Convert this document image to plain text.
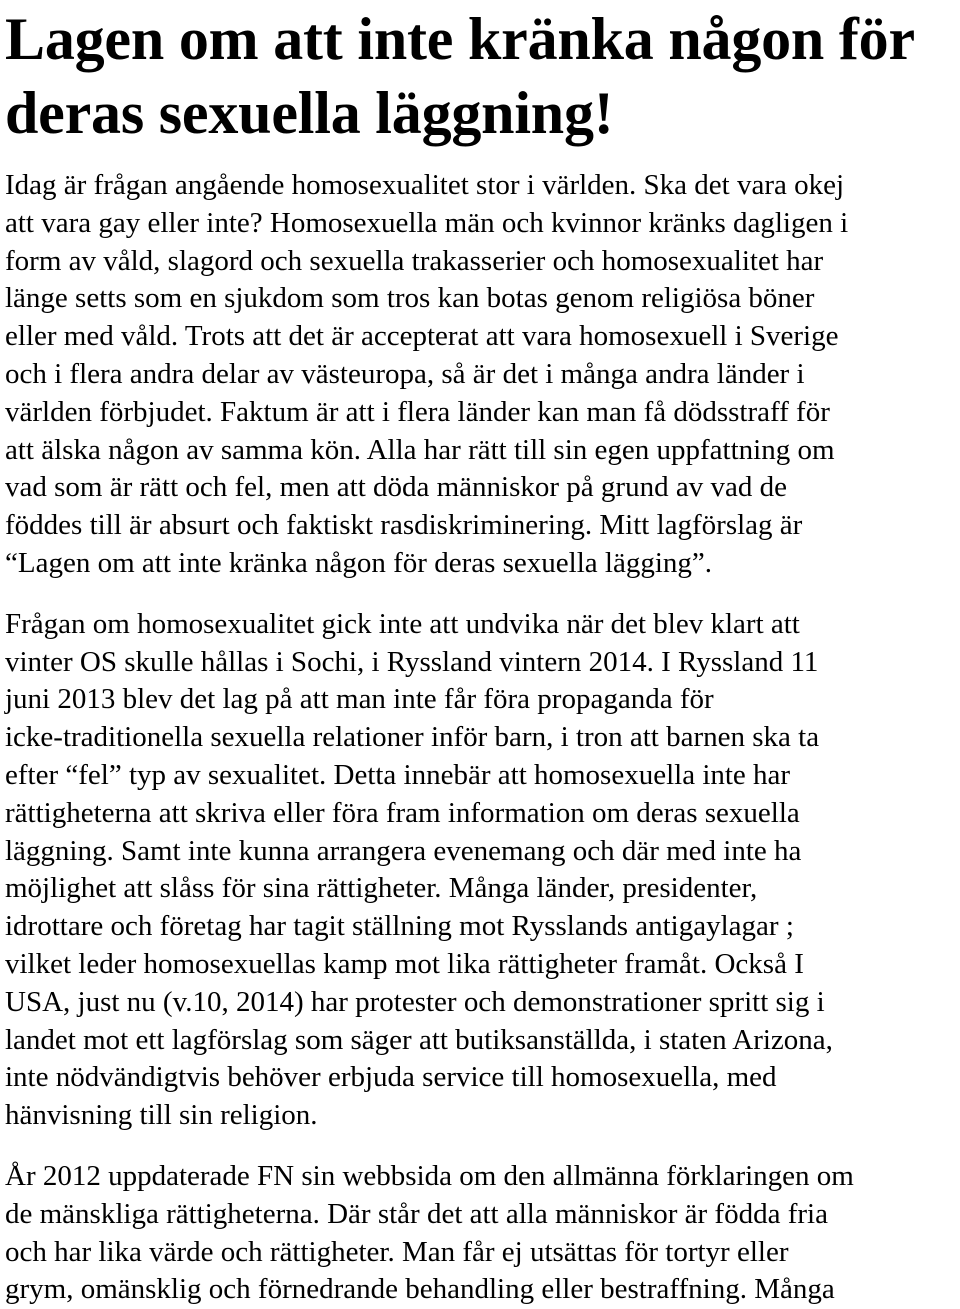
Lagen om att inte kränka någon för deras sexuella läggning!

Idag är frågan angående homosexualitet stor i världen. Ska det vara okej
att vara gay eller inte? Homosexuella män och kvinnor kränks dagligen i
form av våld, slagord och sexuella trakasserier och homosexualitet har
länge setts som en sjukdom som tros kan botas genom religiösa böner
eller med våld. Trots att det är accepterat att vara homosexuell i Sverige
och i flera andra delar av västeuropa, så är det i många andra länder i
världen förbjudet. Faktum är att i flera länder kan man få dödsstraff för
att älska någon av samma kön. Alla har rätt till sin egen uppfattning om
vad som är rätt och fel, men att döda människor på grund av vad de
föddes till är absurt och faktiskt rasdiskriminering. Mitt lagförslag är
“Lagen om att inte kränka någon för deras sexuella lägging”.

Frågan om homosexualitet gick inte att undvika när det blev klart att
vinter OS skulle hållas i Sochi, i Ryssland vintern 2014. I Ryssland 11
juni 2013 blev det lag på att man inte får föra propaganda för
icke-traditionella sexuella relationer inför barn, i tron att barnen ska ta
efter “fel” typ av sexualitet. Detta innebär att homosexuella inte har
rättigheterna att skriva eller föra fram information om deras sexuella
läggning. Samt inte kunna arrangera evenemang och där med inte ha
möjlighet att slåss för sina rättigheter. Många länder, presidenter,
idrottare och företag har tagit ställning mot Rysslands antigaylagar ;
vilket leder homosexuellas kamp mot lika rättigheter framåt. Också I
USA, just nu (v.10, 2014) har protester och demonstrationer spritt sig i
landet mot ett lagförslag som säger att butiksanställda, i staten Arizona,
inte nödvändigtvis behöver erbjuda service till homosexuella, med
hänvisning till sin religion.

År 2012 uppdaterade FN sin webbsida om den allmänna förklaringen om
de mänskliga rättigheterna. Där står det att alla människor är födda fria
och har lika värde och rättigheter. Man får ej utsättas för tortyr eller
grym, omänsklig och förnedrande behandling eller bestraffning. Många
